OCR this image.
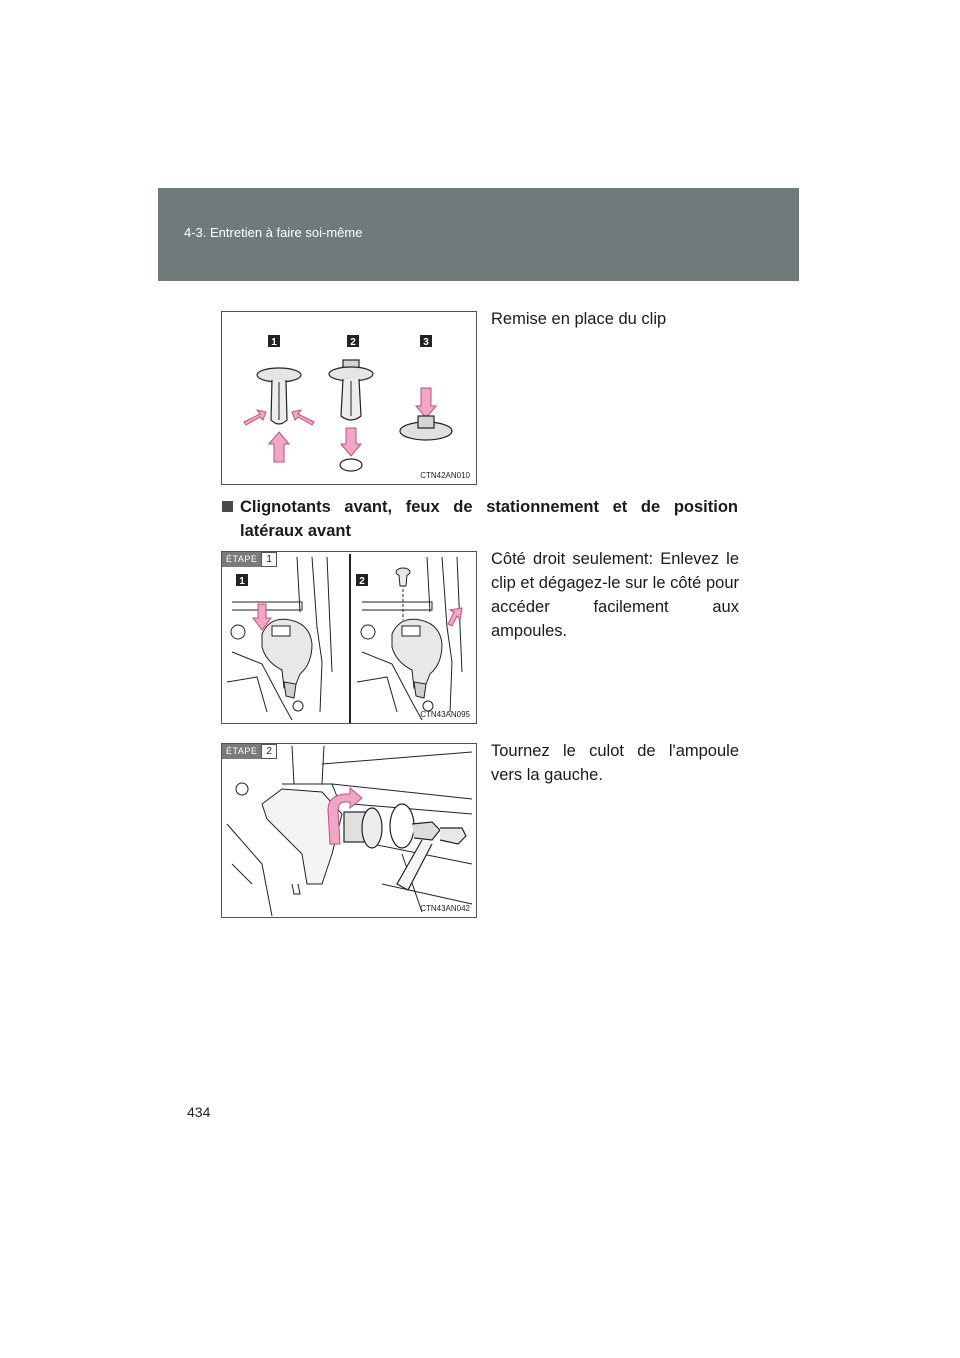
4-3. Entretien à faire soi-même
1	2	3
CTN42AN010

Remise en place du clip

Clignotants avant, feux de stationnement et de position latéraux avant
1	2
ÉTAPE 1
CTN43AN095

Côté droit seulement: Enlevez le clip et dégagez-le sur le côté pour accéder facilement aux ampoules.

ÉTAPE 2
CTN43AN042

Tournez le culot de l'ampoule vers la gauche.

434
